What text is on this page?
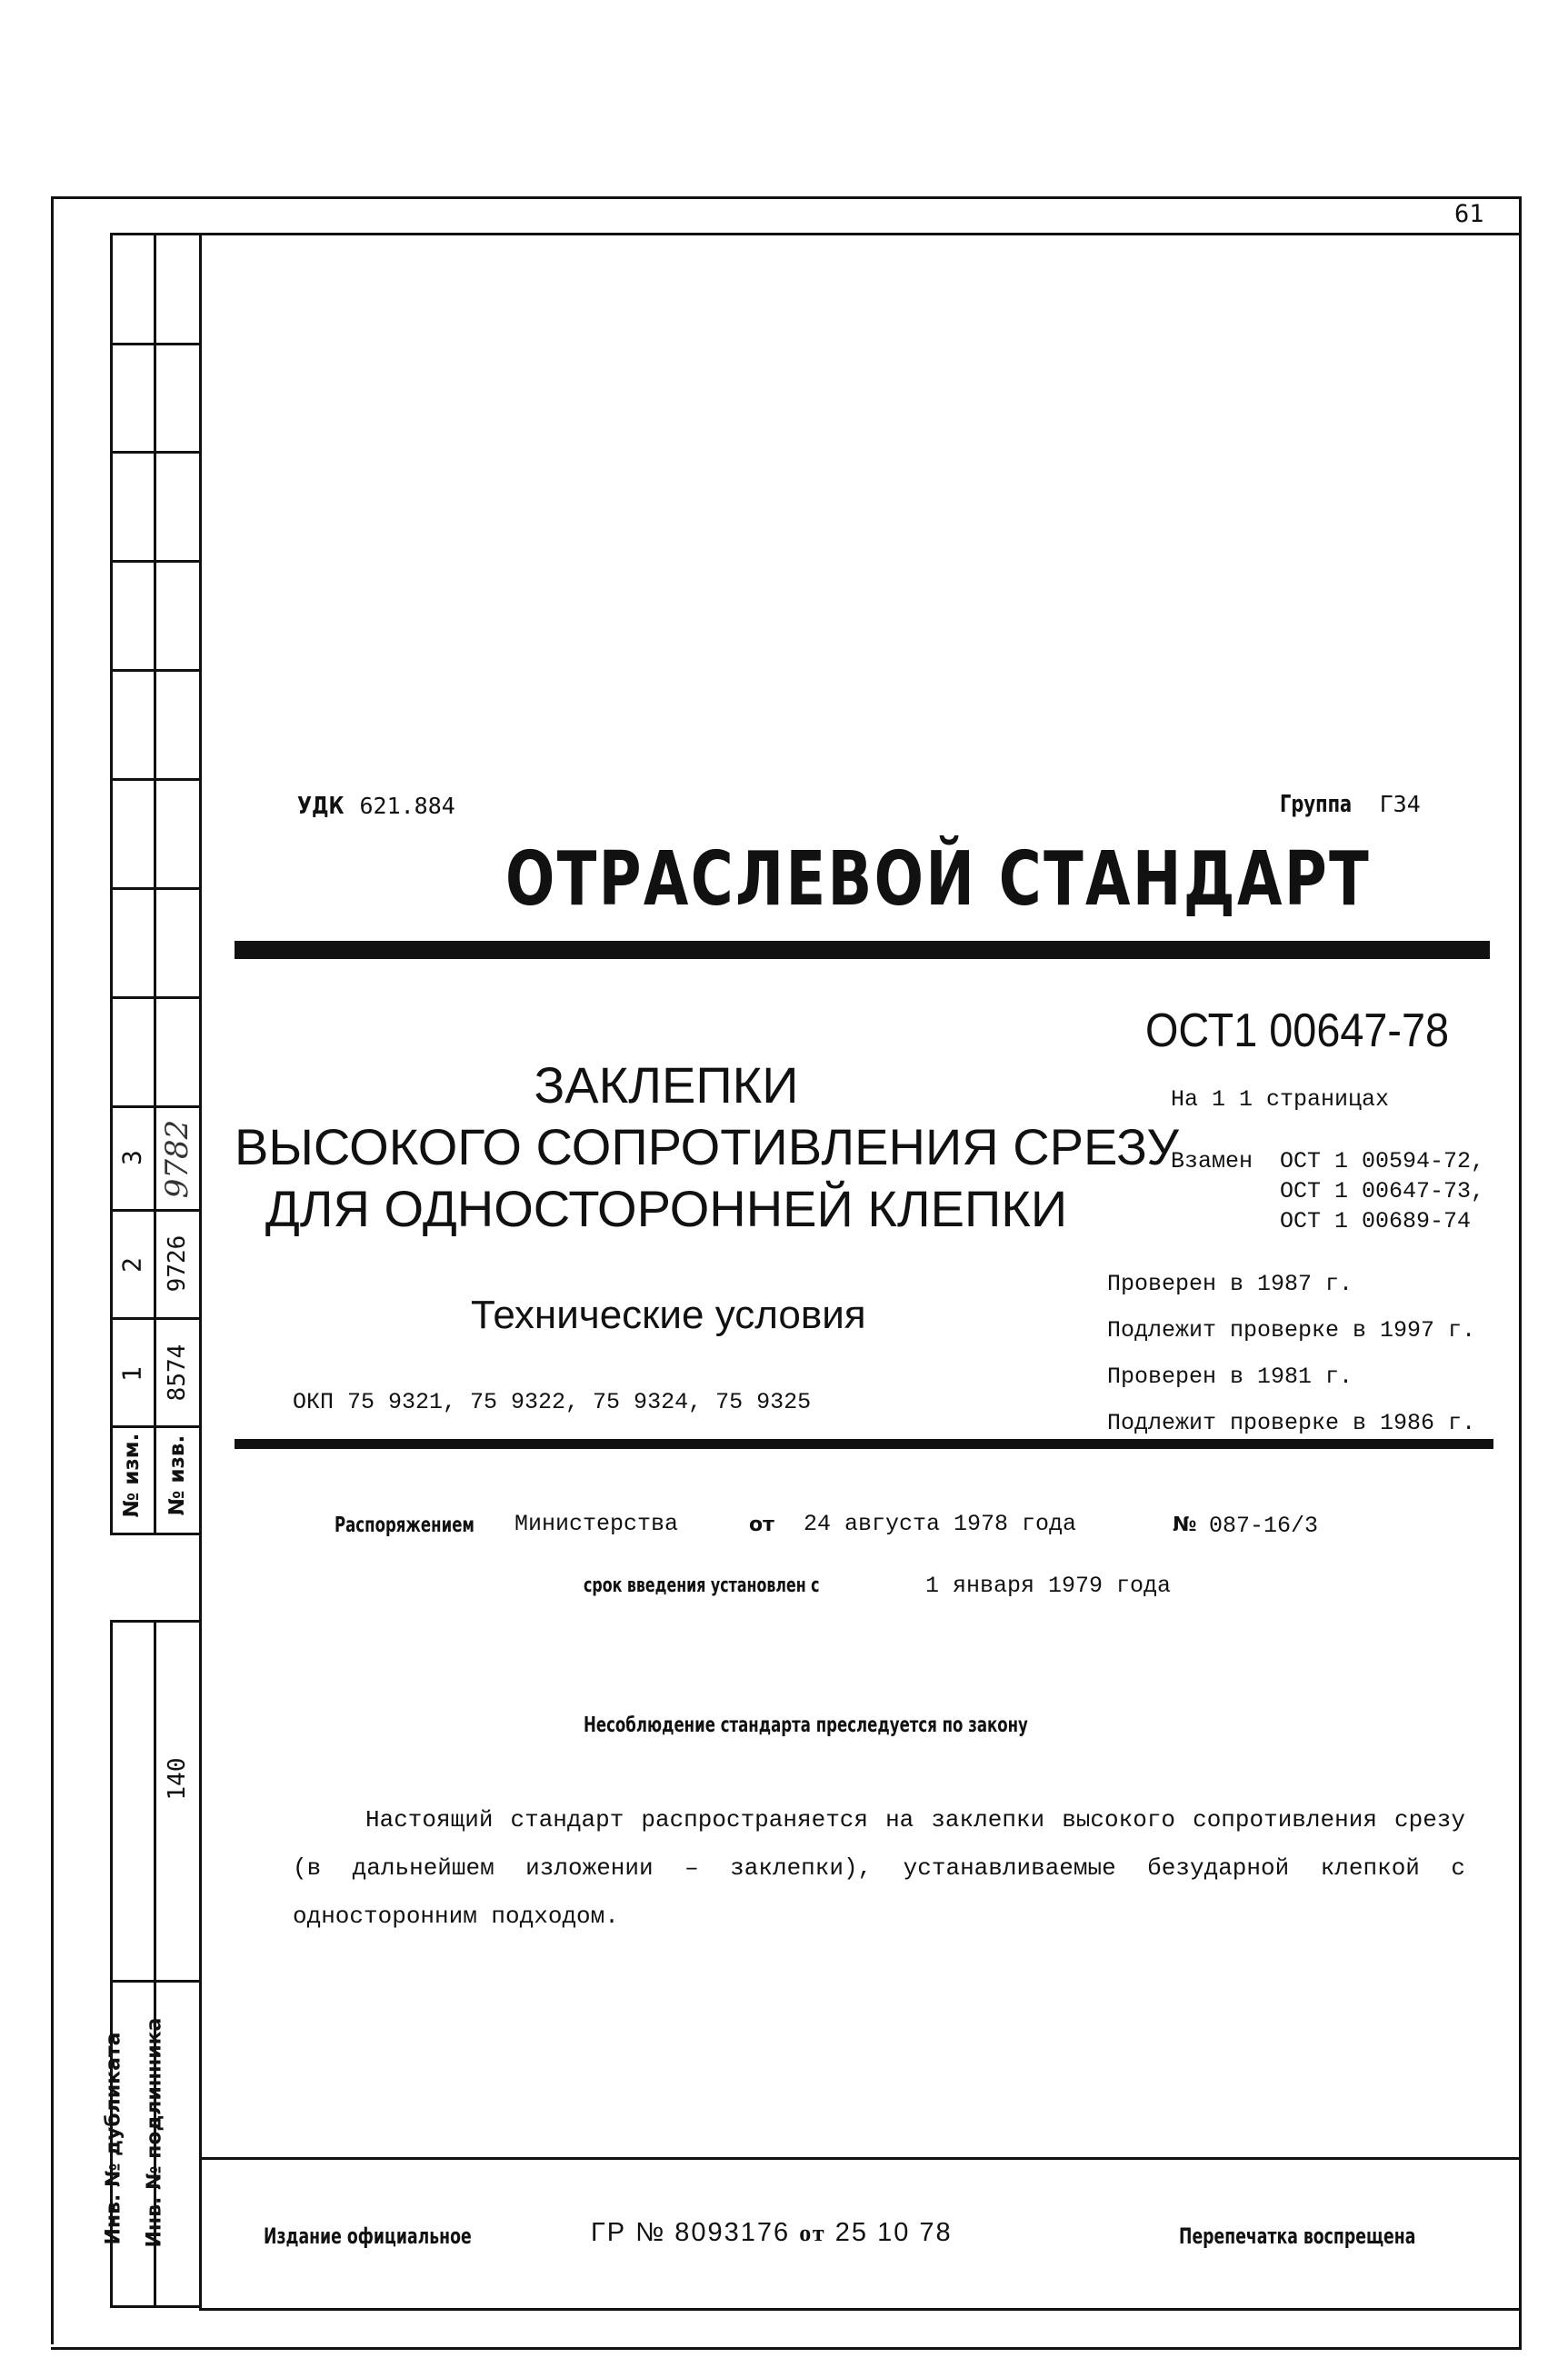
61
3 9782
2 9726
1 8574
№ изм. № изв.
140
Инв. № дубликата Инв. № подлинника
УДК 621.884	Группа Г34
ОТРАСЛЕВОЙ СТАНДАРТ
ОСТ1 00647-78
На 1 1 страницах
Взамен ОСТ 1 00594-72,
ОСТ 1 00647-73,
ОСТ 1 00689-74
ЗАКЛЕПКИ
ВЫСОКОГО СОПРОТИВЛЕНИЯ СРЕЗУ
ДЛЯ ОДНОСТОРОННЕЙ КЛЕПКИ
Технические условия
ОКП 75 9321, 75 9322, 75 9324, 75 9325
Проверен в 1987 г.
Подлежит проверке в 1997 г.
Проверен в 1981 г.
Подлежит проверке в 1986 г.
Распоряжением	Министерства	от 24 августа 1978 года	№ 087-16/3
срок введения установлен с	1 января 1979 года
Несоблюдение стандарта преследуется по закону
Настоящий стандарт распространяется на заклепки высокого сопротивления срезу (в дальнейшем изложении – заклепки), устанавливаемые безударной клепкой с односторонним подходом.
Издание официальное	ГР № 8093176 от 25 10 78	Перепечатка воспрещена
